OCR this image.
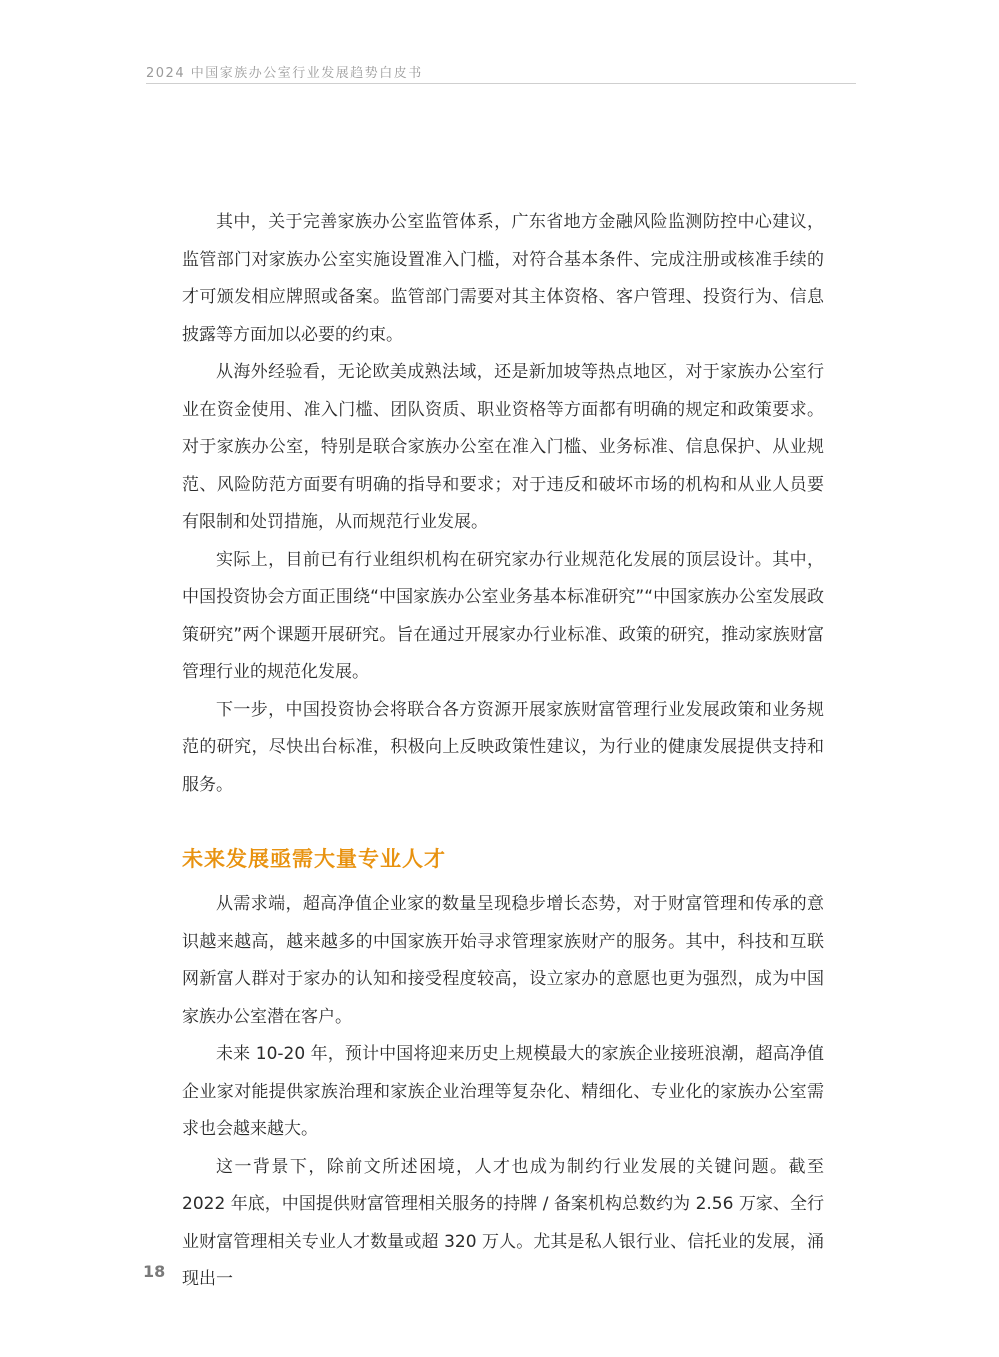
2024 中国家族办公室行业发展趋势白皮书

其中，关于完善家族办公室监管体系，广东省地方金融风险监测防控中心建议，监管部门对家族办公室实施设置准入门槛，对符合基本条件、完成注册或核准手续的才可颁发相应牌照或备案。监管部门需要对其主体资格、客户管理、投资行为、信息披露等方面加以必要的约束。

从海外经验看，无论欧美成熟法域，还是新加坡等热点地区，对于家族办公室行业在资金使用、准入门槛、团队资质、职业资格等方面都有明确的规定和政策要求。对于家族办公室，特别是联合家族办公室在准入门槛、业务标准、信息保护、从业规范、风险防范方面要有明确的指导和要求；对于违反和破坏市场的机构和从业人员要有限制和处罚措施，从而规范行业发展。

实际上，目前已有行业组织机构在研究家办行业规范化发展的顶层设计。其中，中国投资协会方面正围绕“中国家族办公室业务基本标准研究”“中国家族办公室发展政策研究”两个课题开展研究。旨在通过开展家办行业标准、政策的研究，推动家族财富管理行业的规范化发展。

下一步，中国投资协会将联合各方资源开展家族财富管理行业发展政策和业务规范的研究，尽快出台标准，积极向上反映政策性建议，为行业的健康发展提供支持和服务。

未来发展亟需大量专业人才

从需求端，超高净值企业家的数量呈现稳步增长态势，对于财富管理和传承的意识越来越高，越来越多的中国家族开始寻求管理家族财产的服务。其中，科技和互联网新富人群对于家办的认知和接受程度较高，设立家办的意愿也更为强烈，成为中国家族办公室潜在客户。

未来 10-20 年，预计中国将迎来历史上规模最大的家族企业接班浪潮，超高净值企业家对能提供家族治理和家族企业治理等复杂化、精细化、专业化的家族办公室需求也会越来越大。

这一背景下，除前文所述困境，人才也成为制约行业发展的关键问题。截至 2022 年底，中国提供财富管理相关服务的持牌 / 备案机构总数约为 2.56 万家、全行业财富管理相关专业人才数量或超 320 万人。尤其是私人银行业、信托业的发展，涌现出一

18
